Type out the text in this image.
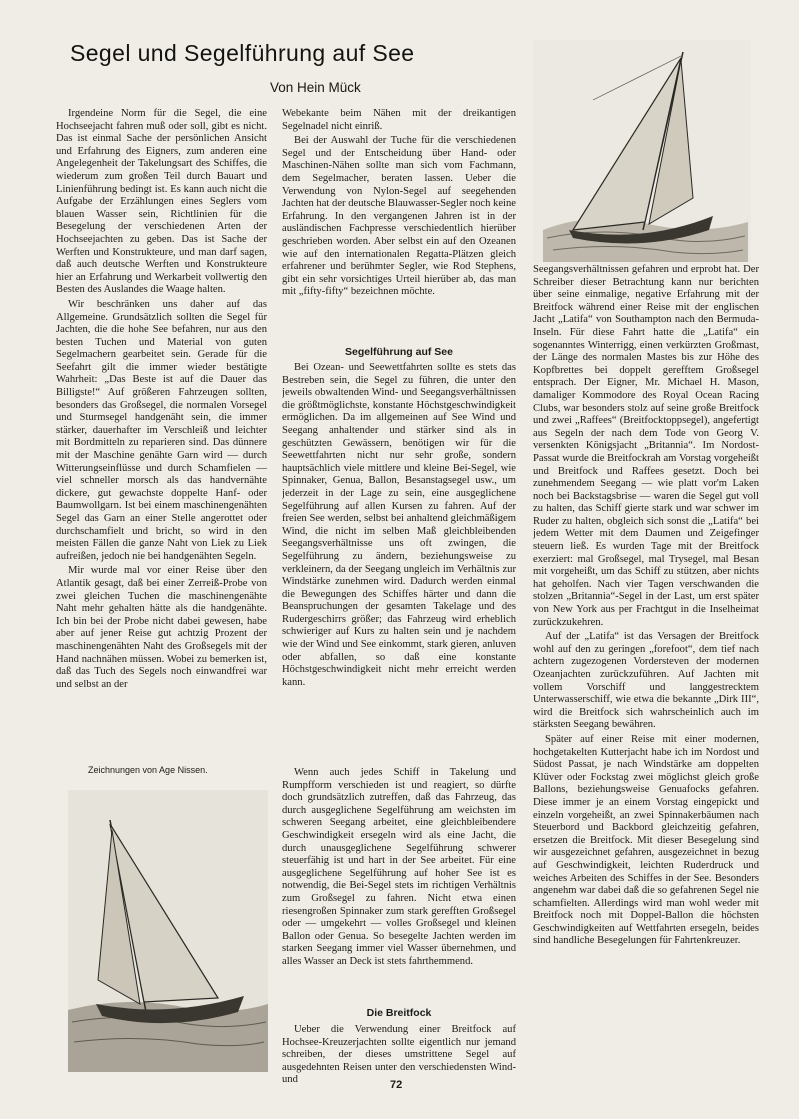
Segel und Segelführung auf See
Von Hein Mück

Irgendeine Norm für die Segel, die eine Hochseejacht fahren muß oder soll, gibt es nicht. Das ist einmal Sache der persönlichen Ansicht und Erfahrung des Eigners, zum anderen eine Angelegenheit der Takelungsart des Schiffes, die wiederum zum großen Teil durch Bauart und Linienführung bedingt ist. Es kann auch nicht die Aufgabe der Erzählungen eines Seglers vom blauen Wasser sein, Richtlinien für die Besegelung der verschiedenen Arten der Hochseejachten zu geben. Das ist Sache der Werften und Konstrukteure, und man darf sagen, daß auch deutsche Werften und Konstrukteure hier an Erfahrung und Werkarbeit vollwertig den Besten des Auslandes die Waage halten.

Wir beschränken uns daher auf das Allgemeine. Grundsätzlich sollten die Segel für Jachten, die die hohe See befahren, nur aus den besten Tuchen und Material von guten Segelmachern gearbeitet sein. Gerade für die Seefahrt gilt die immer wieder bestätigte Wahrheit: „Das Beste ist auf die Dauer das Billigste!“ Auf größeren Fahrzeugen sollten, besonders das Großsegel, die normalen Vorsegel und Sturmsegel handgenäht sein, die immer stärker, dauerhafter im Verschleiß und leichter mit Bordmitteln zu reparieren sind. Das dünnere mit der Maschine genähte Garn wird — durch Witterungseinflüsse und durch Schamfielen — viel schneller morsch als das handvernähte dickere, gut gewachste doppelte Hanf- oder Baumwollgarn. Ist bei einem maschinengenähten Segel das Garn an einer Stelle angerottet oder durchschamfielt und bricht, so wird in den meisten Fällen die ganze Naht von Liek zu Liek aufreißen, jedoch nie bei handgenähten Segeln.

Mir wurde mal vor einer Reise über den Atlantik gesagt, daß bei einer Zerreiß-Probe von zwei gleichen Tuchen die maschinengenähte Naht mehr gehalten hätte als die handgenähte. Ich bin bei der Probe nicht dabei gewesen, habe aber auf jener Reise gut achtzig Prozent der maschinengenähten Naht des Großsegels mit der Hand nachnähen müssen. Wobei zu bemerken ist, daß das Tuch des Segels noch einwandfrei war und selbst an der

Zeichnungen von Age Nissen.

Webekante beim Nähen mit der dreikantigen Segelnadel nicht einriß.

Bei der Auswahl der Tuche für die verschiedenen Segel und der Entscheidung über Hand- oder Maschinen-Nähen sollte man sich vom Fachmann, dem Segelmacher, beraten lassen. Ueber die Verwendung von Nylon-Segel auf seegehenden Jachten hat der deutsche Blauwasser-Segler noch keine Erfahrung. In den vergangenen Jahren ist in der ausländischen Fachpresse verschiedentlich hierüber geschrieben worden. Aber selbst ein auf den Ozeanen wie auf den internationalen Regatta-Plätzen gleich erfahrener und berühmter Segler, wie Rod Stephens, gibt ein sehr vorsichtiges Urteil hierüber ab, das man mit „fifty-fifty“ bezeichnen möchte.

Segelführung auf See

Bei Ozean- und Seewettfahrten sollte es stets das Bestreben sein, die Segel zu führen, die unter den jeweils obwaltenden Wind- und Seegangsverhältnissen die größtmöglichste, konstante Höchstgeschwindigkeit ermöglichen. Da im allgemeinen auf See Wind und Seegang anhaltender und stärker sind als in geschützten Gewässern, benötigen wir für die Seewettfahrten nicht nur sehr große, sondern hauptsächlich viele mittlere und kleine Bei-Segel, wie Spinnaker, Genua, Ballon, Besanstagsegel usw., um jederzeit in der Lage zu sein, eine ausgeglichene Segelführung auf allen Kursen zu fahren. Auf der freien See werden, selbst bei anhaltend gleichmäßigem Wind, die nicht im selben Maß gleichbleibenden Seegangsverhältnisse uns oft zwingen, die Segelführung zu ändern, beziehungsweise zu verkleinern, da der Seegang ungleich im Verhältnis zur Windstärke zunehmen wird. Dadurch werden einmal die Bewegungen des Schiffes härter und dann die Beanspruchungen der gesamten Takelage und des Rudergeschirrs größer; das Fahrzeug wird erheblich schwieriger auf Kurs zu halten sein und je nachdem wie der Wind und See einkommt, stark gieren, anluven oder abfallen, so daß eine konstante Höchstgeschwindigkeit nicht mehr erreicht werden kann.

Wenn auch jedes Schiff in Takelung und Rumpfform verschieden ist und reagiert, so dürfte doch grundsätzlich zutreffen, daß das Fahrzeug, das durch ausgeglichene Segelführung am weichsten im schweren Seegang arbeitet, eine gleichbleibendere Geschwindigkeit ersegeln wird als eine Jacht, die durch unausgeglichene Segelführung schwerer steuerfähig ist und hart in der See arbeitet. Für eine ausgeglichene Segelführung auf hoher See ist es notwendig, die Bei-Segel stets im richtigen Verhältnis zum Großsegel zu fahren. Nicht etwa einen riesengroßen Spinnaker zum stark gerefften Großsegel oder — umgekehrt — volles Großsegel und kleinen Ballon oder Genua. So besegelte Jachten werden im starken Seegang immer viel Wasser übernehmen, und alles Wasser an Deck ist stets fahrthemmend.

Die Breitfock

Ueber die Verwendung einer Breitfock auf Hochsee-Kreuzerjachten sollte eigentlich nur jemand schreiben, der dieses umstrittene Segel auf ausgedehnten Reisen unter den verschiedensten Wind- und

Seegangsverhältnissen gefahren und erprobt hat. Der Schreiber dieser Betrachtung kann nur berichten über seine einmalige, negative Erfahrung mit der Breitfock während einer Reise mit der englischen Jacht „Latifa“ von Southampton nach den Bermuda-Inseln. Für diese Fahrt hatte die „Latifa“ ein sogenanntes Winterrigg, einen verkürzten Großmast, der Länge des normalen Mastes bis zur Höhe des Kopfbrettes bei doppelt gerefftem Großsegel entsprach. Der Eigner, Mr. Michael H. Mason, damaliger Kommodore des Royal Ocean Racing Clubs, war besonders stolz auf seine große Breitfock und zwei „Raffees“ (Breitfocktoppsegel), angefertigt aus Segeln der nach dem Tode von Georg V. versenkten Königsjacht „Britannia“. Im Nordost-Passat wurde die Breitfockrah am Vorstag vorgeheißt und Breitfock und Raffees gesetzt. Doch bei zunehmendem Seegang — wie platt vor'm Laken noch bei Backstagsbrise — waren die Segel gut voll zu halten, das Schiff gierte stark und war schwer im Ruder zu halten, obgleich sich sonst die „Latifa“ bei jedem Wetter mit dem Daumen und Zeigefinger steuern ließ. Es wurden Tage mit der Breitfock exerziert: mal Großsegel, mal Trysegel, mal Besan mit vorgeheißt, um das Schiff zu stützen, aber nichts hat geholfen. Nach vier Tagen verschwanden die stolzen „Britannia“-Segel in der Last, um erst später von New York aus per Frachtgut in die Inselheimat zurückzukehren.

Auf der „Latifa“ ist das Versagen der Breitfock wohl auf den zu geringen „forefoot“, dem tief nach achtern zugezogenen Vordersteven der modernen Ozeanjachten zurückzuführen. Auf Jachten mit vollem Vorschiff und langgestrecktem Unterwasserschiff, wie etwa die bekannte „Dirk III“, wird die Breitfock sich wahrscheinlich auch im stärksten Seegang bewähren.

Später auf einer Reise mit einer modernen, hochgetakelten Kutterjacht habe ich im Nordost und Südost Passat, je nach Windstärke am doppelten Klüver oder Fockstag zwei möglichst gleich große Ballons, beziehungsweise Genuafocks gefahren. Diese immer je an einem Vorstag eingepickt und einzeln vorgeheißt, an zwei Spinnakerbäumen nach Steuerbord und Backbord gleichzeitig gefahren, ersetzen die Breitfock. Mit dieser Besegelung sind wir ausgezeichnet gefahren, ausgezeichnet in bezug auf Geschwindigkeit, leichten Ruderdruck und weiches Arbeiten des Schiffes in der See. Besonders angenehm war dabei daß die so gefahrenen Segel nie schamfielten. Allerdings wird man wohl weder mit Breitfock noch mit Doppel-Ballon die höchsten Geschwindigkeiten auf Wettfahrten ersegeln, beides sind handliche Besegelungen für Fahrtenkreuzer.

72
